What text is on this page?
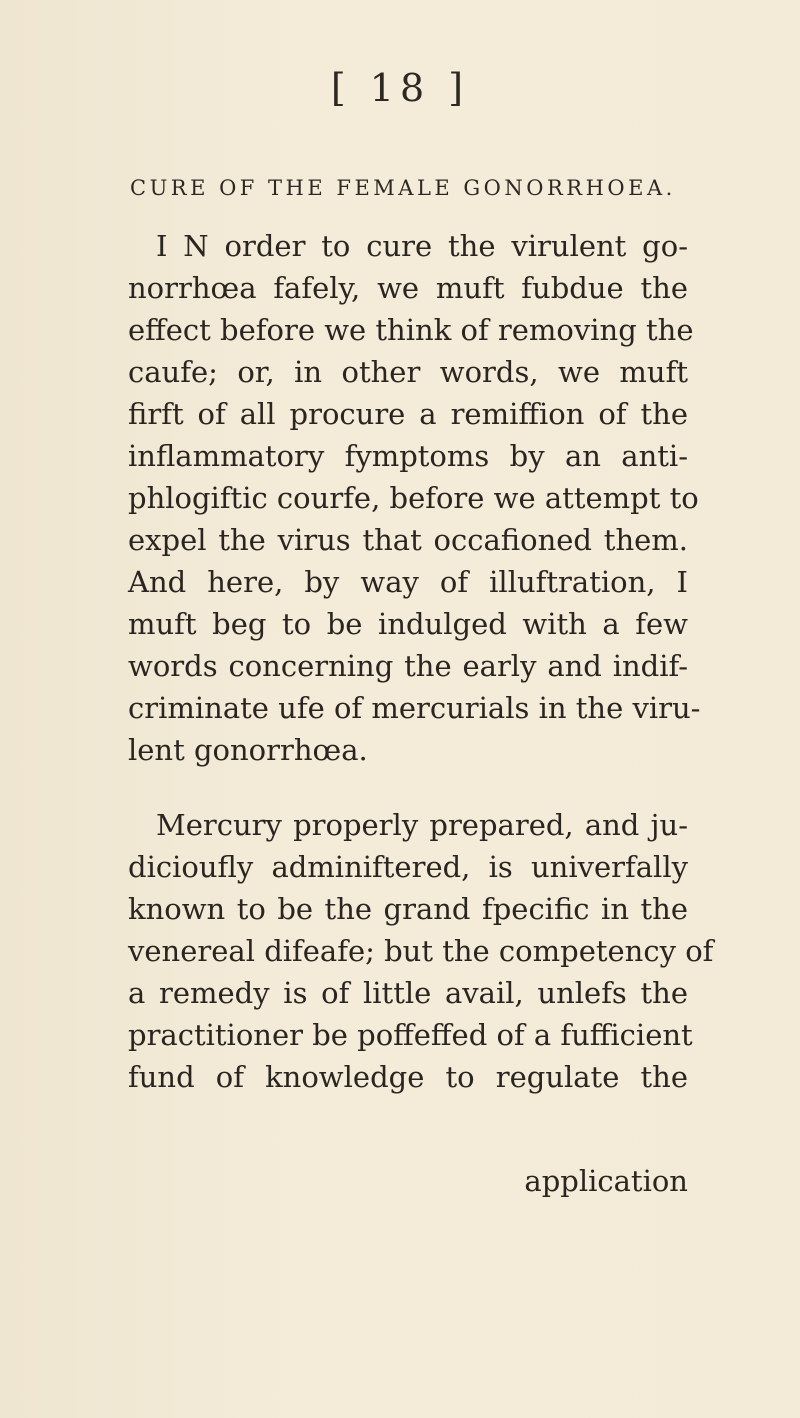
[ 18 ]
CURE OF THE FEMALE GONORRHOEA.
I N order to cure the virulent go-
norrhœa fafely, we muft fubdue the
effect before we think of removing the
caufe; or, in other words, we muft
firft of all procure a remiffion of the
inflammatory fymptoms by an anti-
phlogiftic courfe, before we attempt to
expel the virus that occafioned them.
And here, by way of illuftration, I
muft beg to be indulged with a few
words concerning the early and indif-
criminate ufe of mercurials in the viru-
lent gonorrhœa.
Mercury properly prepared, and ju-
dicioufly adminiftered, is univerfally
known to be the grand fpecific in the
venereal difeafe; but the competency of
a remedy is of little avail, unlefs the
practitioner be poffeffed of a fufficient
fund of knowledge to regulate the
application
